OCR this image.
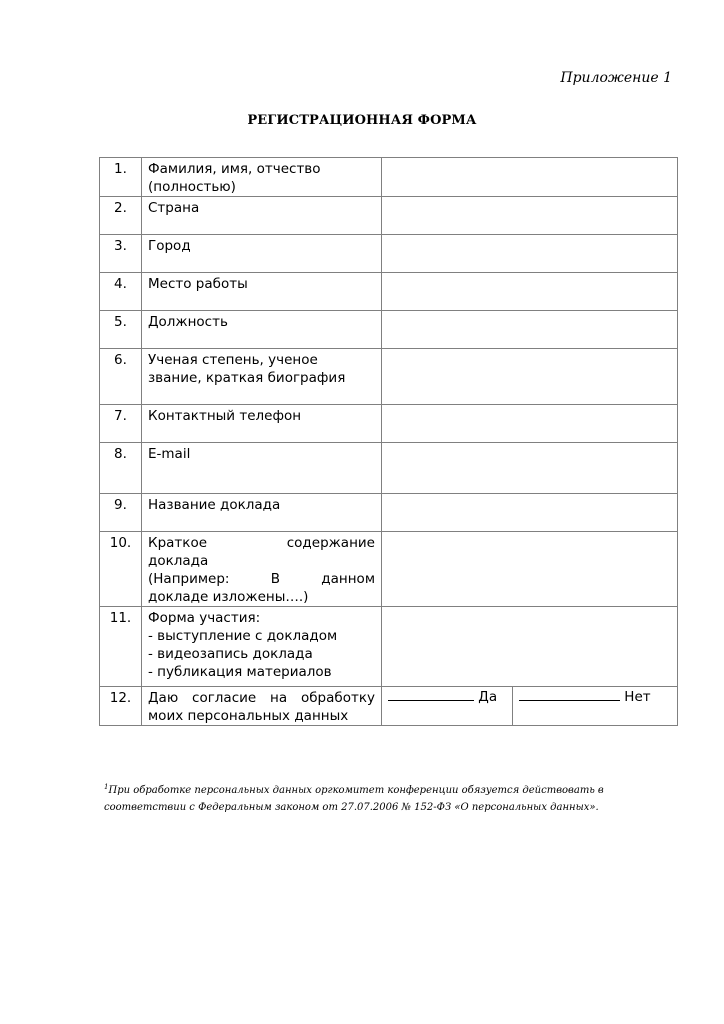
Приложение 1
РЕГИСТРАЦИОННАЯ ФОРМА
1.	Фамилия, имя, отчество
(полностью)		

2.	Страна		

3.	Город		

4.	Место работы		

5.	Должность		

6.	Ученая степень, ученое
звание, краткая биография		

7.	Контактный телефон		

8.	E-mail		

9.	Название доклада		

10.	Краткое содержание
доклада
(Например: В данном
докладе изложены….)		

11.	Форма участия:
- выступление с докладом
- видеозапись доклада
- публикация материалов		

12.	Даю согласие на обработку
моих персональных данных	Да	Нет
$^1$При обработке персональных данных оргкомитет конференции обязуется действовать в
соответствии с Федеральным законом от 27.07.2006 № 152-ФЗ «О персональных данных».
